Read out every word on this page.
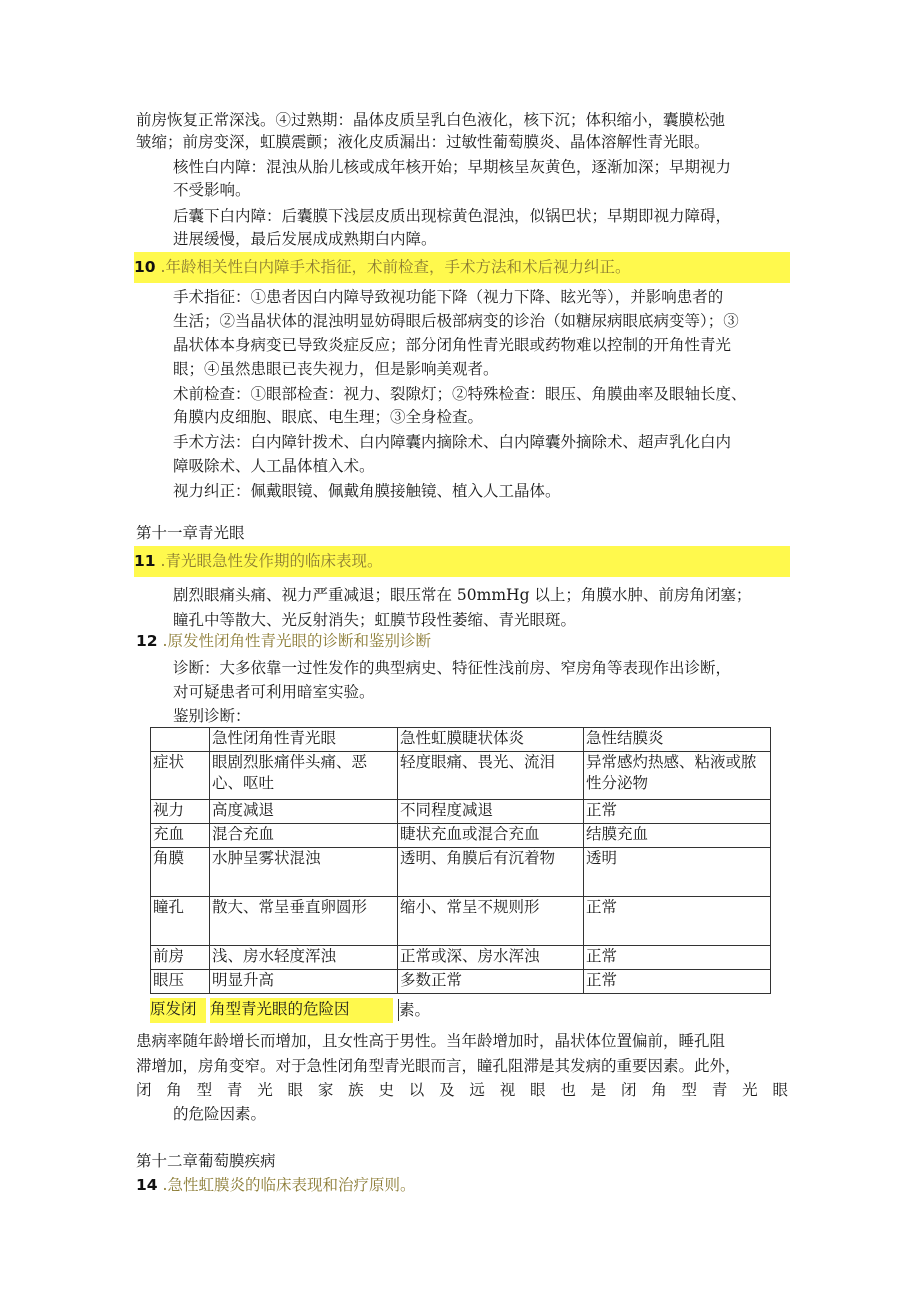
前房恢复正常深浅。④过熟期：晶体皮质呈乳白色液化，核下沉；体积缩小，囊膜松弛
皱缩；前房变深，虹膜震颤；液化皮质漏出：过敏性葡萄膜炎、晶体溶解性青光眼。
核性白内障：混浊从胎儿核或成年核开始；早期核呈灰黄色，逐渐加深；早期视力
不受影响。
后囊下白内障：后囊膜下浅层皮质出现棕黄色混浊，似锅巴状；早期即视力障碍，
进展缓慢，最后发展成成熟期白内障。
10 .年龄相关性白内障手术指征，术前检查，手术方法和术后视力纠正。
手术指征：①患者因白内障导致视功能下降（视力下降、眩光等），并影响患者的
生活；②当晶状体的混浊明显妨碍眼后极部病变的诊治（如糖尿病眼底病变等）；③
晶状体本身病变已导致炎症反应；部分闭角性青光眼或药物难以控制的开角性青光
眼；④虽然患眼已丧失视力，但是影响美观者。
术前检查：①眼部检查：视力、裂隙灯；②特殊检查：眼压、角膜曲率及眼轴长度、
角膜内皮细胞、眼底、电生理；③全身检查。
手术方法：白内障针拨术、白内障囊内摘除术、白内障囊外摘除术、超声乳化白内
障吸除术、人工晶体植入术。
视力纠正：佩戴眼镜、佩戴角膜接触镜、植入人工晶体。
第十一章青光眼
11 .青光眼急性发作期的临床表现。
剧烈眼痛头痛、视力严重减退；眼压常在 50mmHg 以上；角膜水肿、前房角闭塞；
瞳孔中等散大、光反射消失；虹膜节段性萎缩、青光眼斑。
12 .原发性闭角性青光眼的诊断和鉴别诊断
诊断：大多依靠一过性发作的典型病史、特征性浅前房、窄房角等表现作出诊断，
对可疑患者可利用暗室实验。
鉴别诊断：
	急性闭角性青光眼	急性虹膜睫状体炎	急性结膜炎
症状	眼剧烈胀痛伴头痛、恶心、呕吐	轻度眼痛、畏光、流泪	异常感灼热感、粘液或脓性分泌物
视力	高度减退	不同程度减退	正常
充血	混合充血	睫状充血或混合充血	结膜充血
角膜	水肿呈雾状混浊	透明、角膜后有沉着物	透明
瞳孔	散大、常呈垂直卵圆形	缩小、常呈不规则形	正常
前房	浅、房水轻度浑浊	正常或深、房水浑浊	正常
眼压	明显升高	多数正常	正常
原发闭 角型青光眼的危险因	素。
患病率随年龄增长而增加，且女性高于男性。当年龄增加时，晶状体位置偏前，睡孔阻
滞增加，房角变窄。对于急性闭角型青光眼而言，瞳孔阻滞是其发病的重要因素。此外，
闭角型青光眼家族史以及远视眼也是闭角型青光眼
的危险因素。
第十二章葡萄膜疾病
14 .急性虹膜炎的临床表现和治疗原则。
